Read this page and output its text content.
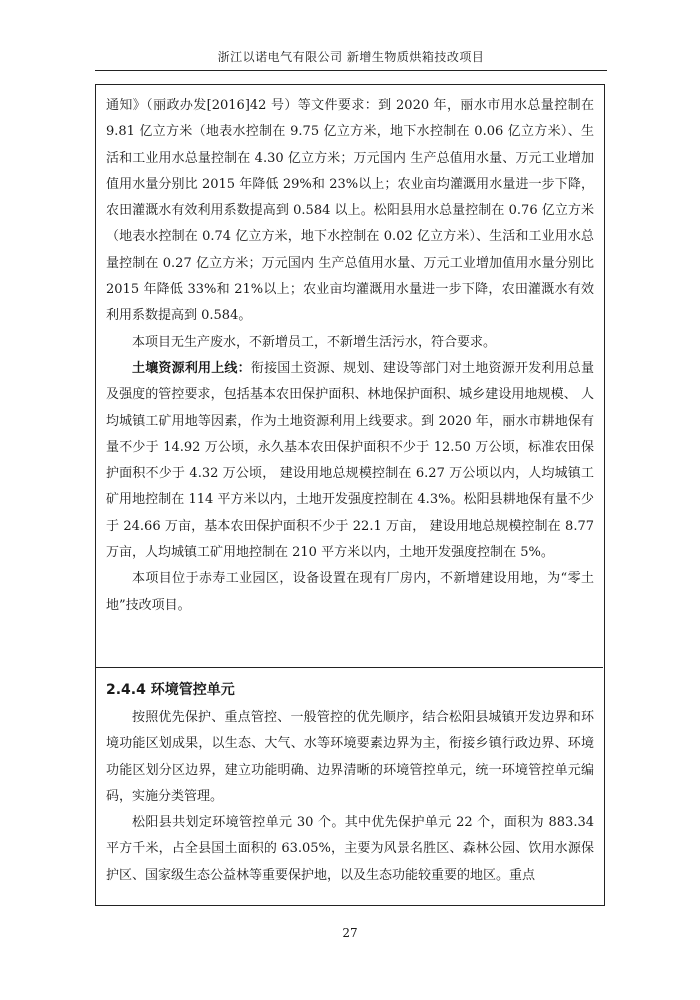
浙江以诺电气有限公司 新增生物质烘箱技改项目

通知》（丽政办发[2016]42 号）等文件要求：到 2020 年，丽水市用水总量控制在 9.81 亿立方米（地表水控制在 9.75 亿立方米，地下水控制在 0.06 亿立方米）、生活和工业用水总量控制在 4.30 亿立方米；万元国内 生产总值用水量、万元工业增加值用水量分别比 2015 年降低 29%和 23%以上；农业亩均灌溉用水量进一步下降，农田灌溉水有效利用系数提高到 0.584 以上。松阳县用水总量控制在 0.76 亿立方米（地表水控制在 0.74 亿立方米，地下水控制在 0.02 亿立方米）、生活和工业用水总量控制在 0.27 亿立方米；万元国内 生产总值用水量、万元工业增加值用水量分别比 2015 年降低 33%和 21%以上；农业亩均灌溉用水量进一步下降，农田灌溉水有效利用系数提高到 0.584。

本项目无生产废水，不新增员工，不新增生活污水，符合要求。

土壤资源利用上线：衔接国土资源、规划、建设等部门对土地资源开发利用总量及强度的管控要求，包括基本农田保护面积、林地保护面积、城乡建设用地规模、 人均城镇工矿用地等因素，作为土地资源利用上线要求。到 2020 年，丽水市耕地保有量不少于 14.92 万公顷，永久基本农田保护面积不少于 12.50 万公顷，标准农田保护面积不少于 4.32 万公顷， 建设用地总规模控制在 6.27 万公顷以内，人均城镇工矿用地控制在 114 平方米以内，土地开发强度控制在 4.3%。松阳县耕地保有量不少于 24.66 万亩，基本农田保护面积不少于 22.1 万亩， 建设用地总规模控制在 8.77 万亩，人均城镇工矿用地控制在 210 平方米以内，土地开发强度控制在 5%。

本项目位于赤寿工业园区，设备设置在现有厂房内，不新增建设用地，为“零土地”技改项目。

2.4.4 环境管控单元

按照优先保护、重点管控、一般管控的优先顺序，结合松阳县城镇开发边界和环境功能区划成果，以生态、大气、水等环境要素边界为主，衔接乡镇行政边界、环境功能区划分区边界，建立功能明确、边界清晰的环境管控单元，统一环境管控单元编码，实施分类管理。

松阳县共划定环境管控单元 30 个。其中优先保护单元 22 个，面积为 883.34 平方千米，占全县国土面积的 63.05%，主要为风景名胜区、森林公园、饮用水源保护区、国家级生态公益林等重要保护地，以及生态功能较重要的地区。重点

27
